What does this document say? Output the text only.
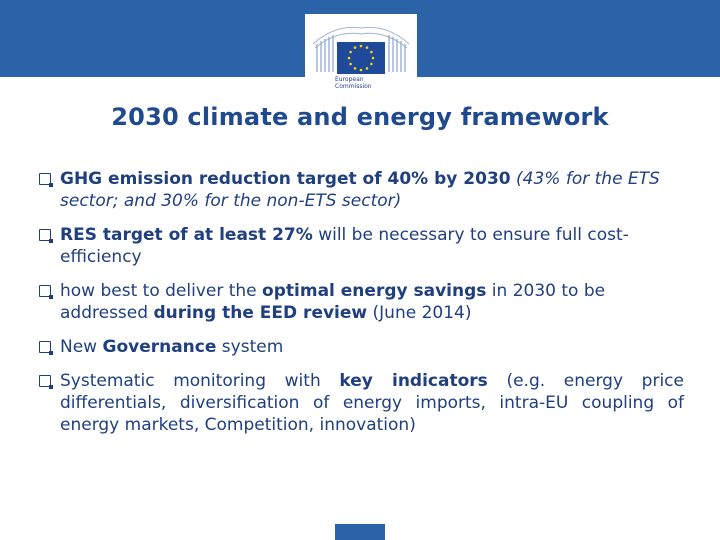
European
Commission
2030 climate and energy framework
GHG emission reduction target of 40% by 2030 (43% for the ETS sector; and 30% for the non-ETS sector)
RES target of at least 27% will be necessary to ensure full cost-efficiency
how best to deliver the optimal energy savings in 2030 to be addressed during the EED review (June 2014)
New Governance system
Systematic monitoring with key indicators (e.g. energy price differentials, diversification of energy imports, intra-EU coupling of energy markets, Competition, innovation)
